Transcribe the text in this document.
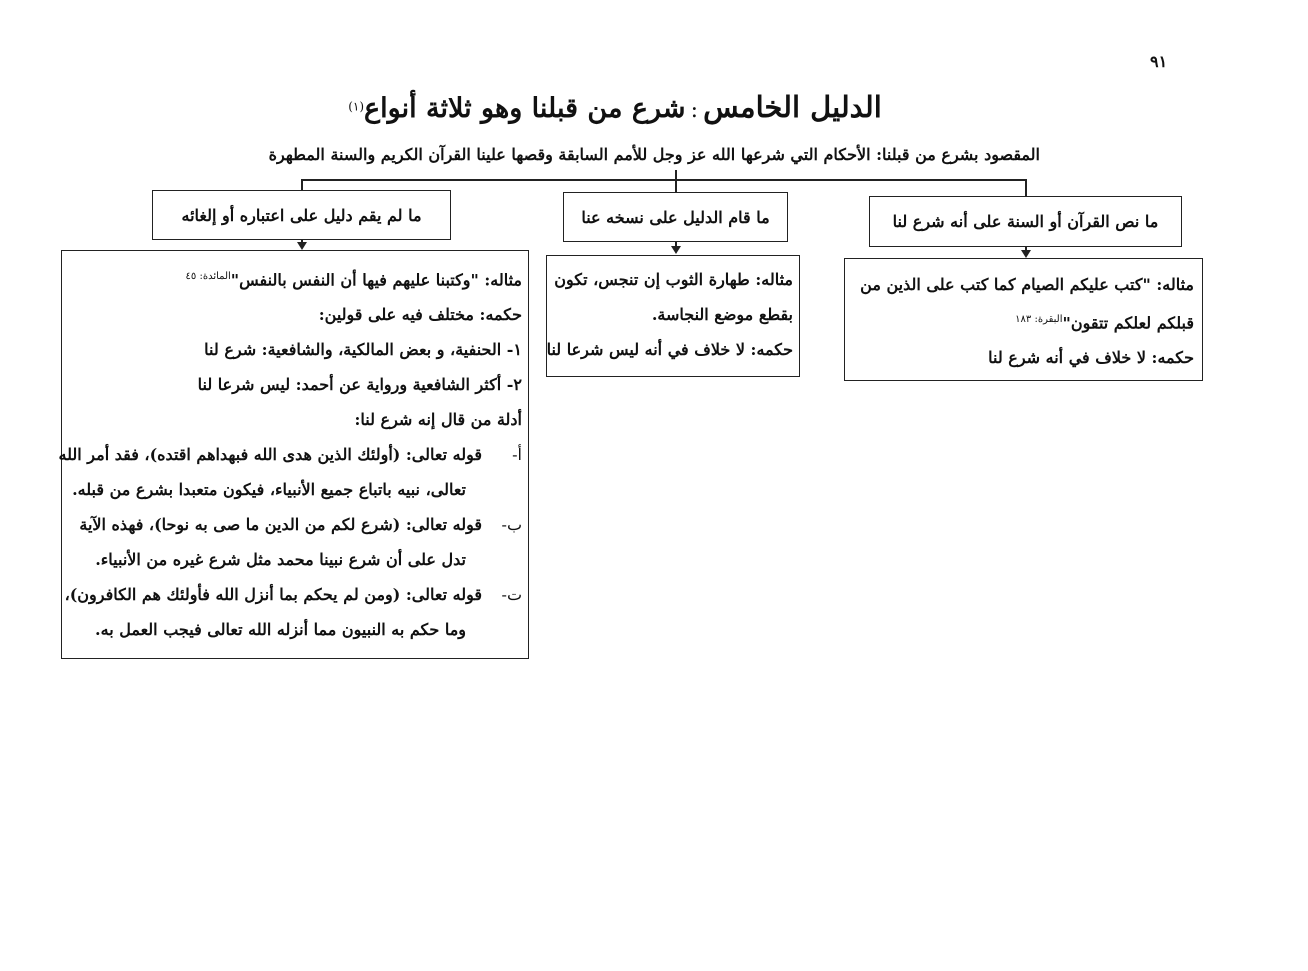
٩١
الدليل الخامس : شرع من قبلنا وهو ثلاثة أنواع$^{(١)}$
المقصود بشرع من قبلنا: الأحكام التي شرعها الله عز وجل للأمم السابقة وقصها علينا القرآن الكريم والسنة المطهرة
ما نص القرآن أو السنة على أنه شرع لنا
ما قام الدليل على نسخه عنا
ما لم يقم دليل على اعتباره أو إلغائه
مثاله: "كتب عليكم الصيام كما كتب على الذين من
قبلكم لعلكم تتقون"$^{البقرة: ١٨٣}$
حكمه: لا خلاف في أنه شرع لنا
مثاله: طهارة الثوب إن تنجس، تكون
بقطع موضع النجاسة.
حكمه: لا خلاف في أنه ليس شرعا لنا
مثاله: "وكتبنا عليهم فيها أن النفس بالنفس"$^{المائدة: ٤٥}$
حكمه: مختلف فيه على قولين:
١- الحنفية، و بعض المالكية، والشافعية: شرع لنا
٢- أكثر الشافعية ورواية عن أحمد: ليس شرعا لنا
أدلة من قال إنه شرع لنا:
أ-قوله تعالى: (أولئك الذين هدى الله فبهداهم اقتده)، فقد أمر الله
تعالى، نبيه باتباع جميع الأنبياء، فيكون متعبدا بشرع من قبله.
ب-قوله تعالى: (شرع لكم من الدين ما صى به نوحا)، فهذه الآية
تدل على أن شرع نبينا محمد مثل شرع غيره من الأنبياء.
ت-قوله تعالى: (ومن لم يحكم بما أنزل الله فأولئك هم الكافرون)،
وما حكم به النبيون مما أنزله الله تعالى فيجب العمل به.
